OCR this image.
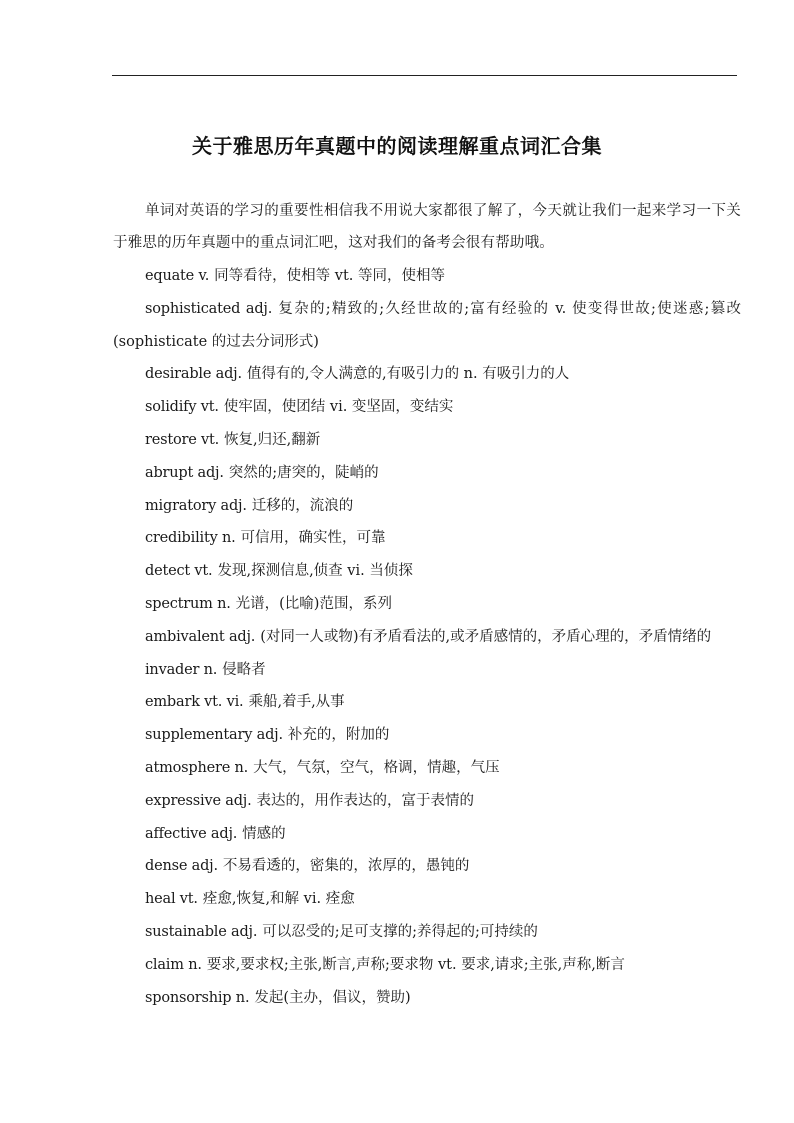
关于雅思历年真题中的阅读理解重点词汇合集
单词对英语的学习的重要性相信我不用说大家都很了解了，今天就让我们一起来学习一下关于雅思的历年真题中的重点词汇吧，这对我们的备考会很有帮助哦。
equate v. 同等看待，使相等 vt. 等同，使相等
sophisticated adj. 复杂的;精致的;久经世故的;富有经验的 v. 使变得世故;使迷惑;篡改(sophisticate 的过去分词形式)
desirable adj. 值得有的,令人满意的,有吸引力的 n. 有吸引力的人
solidify vt. 使牢固，使团结 vi. 变坚固，变结实
restore vt. 恢复,归还,翻新
abrupt adj. 突然的;唐突的，陡峭的
migratory adj. 迁移的，流浪的
credibility n. 可信用，确实性，可靠
detect vt. 发现,探测信息,侦查 vi. 当侦探
spectrum n. 光谱，(比喻)范围，系列
ambivalent adj. (对同一人或物)有矛盾看法的,或矛盾感情的，矛盾心理的，矛盾情绪的
invader n. 侵略者
embark vt. vi. 乘船,着手,从事
supplementary adj. 补充的，附加的
atmosphere n. 大气，气氛，空气，格调，情趣，气压
expressive adj. 表达的，用作表达的，富于表情的
affective adj. 情感的
dense adj. 不易看透的，密集的，浓厚的，愚钝的
heal vt. 痊愈,恢复,和解 vi. 痊愈
sustainable adj. 可以忍受的;足可支撑的;养得起的;可持续的
claim n. 要求,要求权;主张,断言,声称;要求物 vt. 要求,请求;主张,声称,断言
sponsorship n. 发起(主办，倡议，赞助)
